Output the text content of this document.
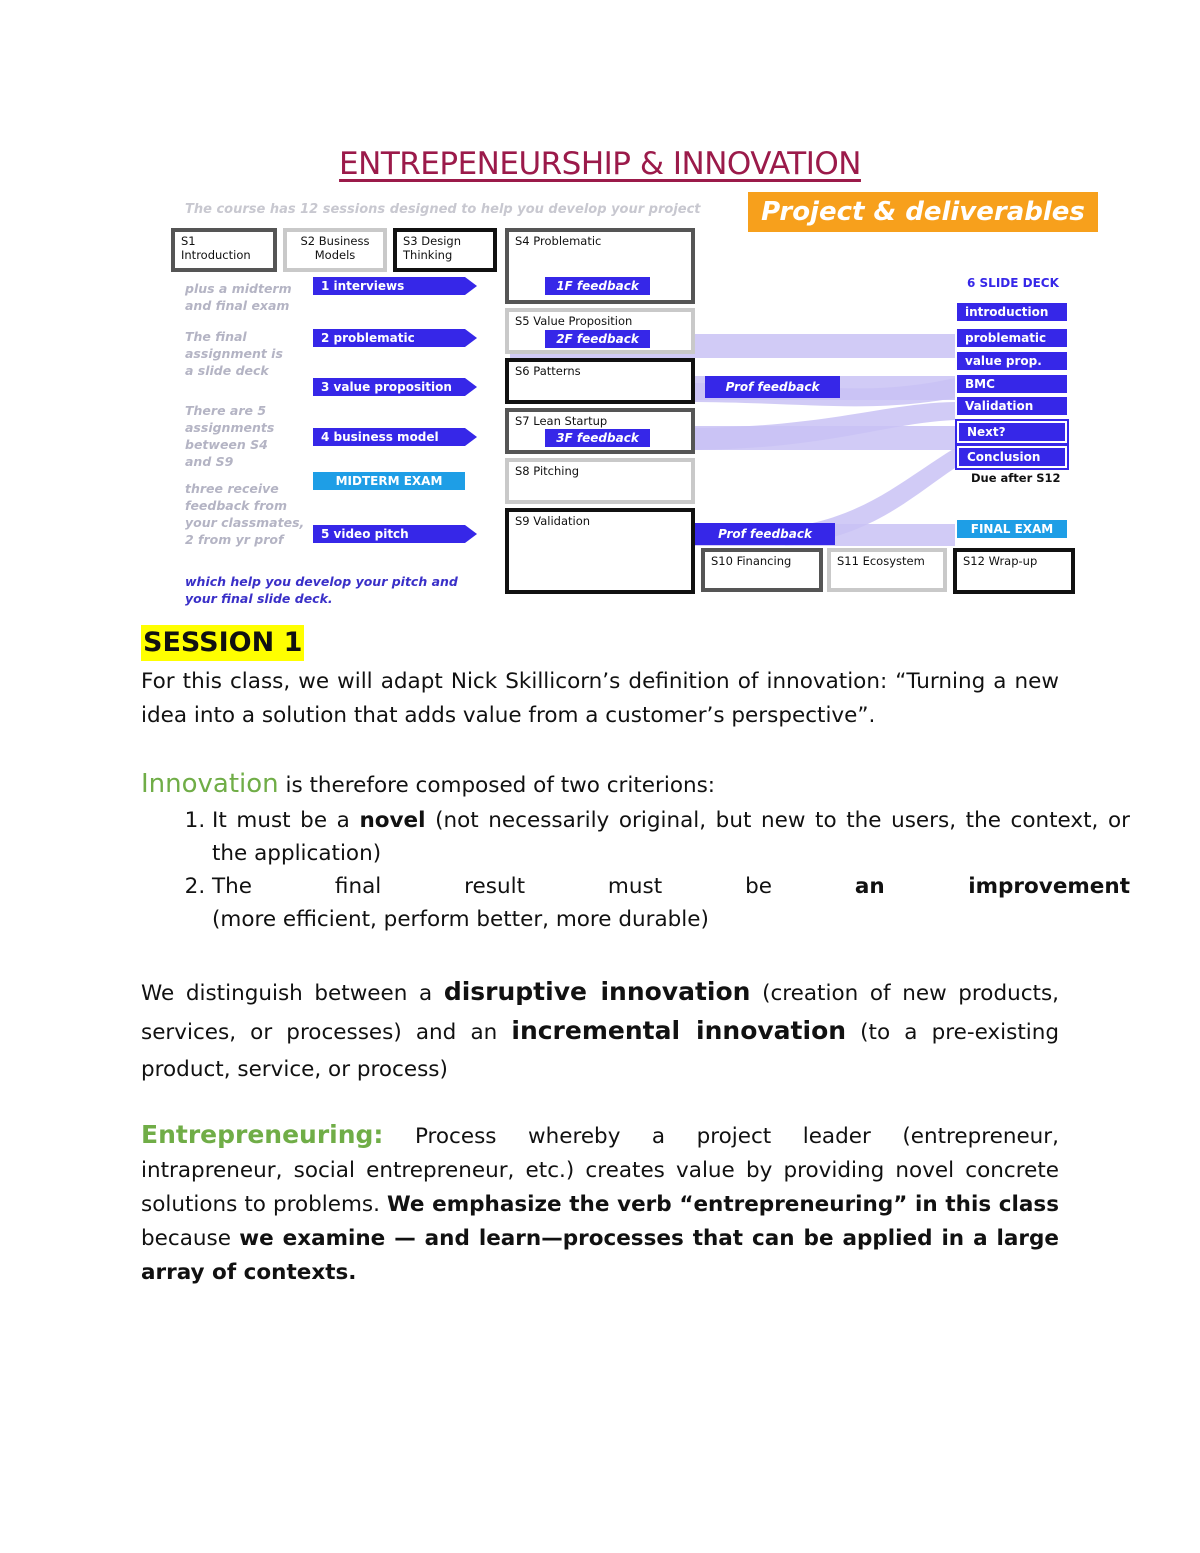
ENTREPENEURSHIP & INNOVATION
The course has 12 sessions designed to help you develop your project	Project & deliverables
S1 Introduction
S2 Business Models
S3 Design Thinking
S4 Problematic
S5 Value Proposition
S6 Patterns
S7 Lean Startup
S8 Pitching
S9 Validation
S10 Financing	S11 Ecosystem	S12 Wrap-up
plus a midterm and final exam
The final assignment is a slide deck
There are 5 assignments between S4 and S9
three receive feedback from your classmates, 2 from yr prof
which help you develop your pitch and your final slide deck.
1 interviews
2 problematic
3 value proposition
4 business model
MIDTERM EXAM
5 video pitch
1F feedback
2F feedback
3F feedback
Prof feedback
Prof feedback
6 SLIDE DECK
introduction
problematic
value prop.
BMC
Validation
Next?
Conclusion
Due after S12
FINAL EXAM
SESSION 1
For this class, we will adapt Nick Skillicorn’s definition of innovation: “Turning a new idea into a solution that adds value from a customer’s perspective”.
Innovation is therefore composed of two criterions:
1. It must be a novel (not necessarily original, but new to the users, the context, or the application)
2. The final result must be an improvement
(more efficient, perform better, more durable)
We distinguish between a disruptive innovation (creation of new products, services, or processes) and an incremental innovation (to a pre-existing product, service, or process)
Entrepreneuring: Process whereby a project leader (entrepreneur, intrapreneur, social entrepreneur, etc.) creates value by providing novel concrete solutions to problems. We emphasize the verb “entrepreneuring” in this class because we examine — and learn—processes that can be applied in a large array of contexts.
